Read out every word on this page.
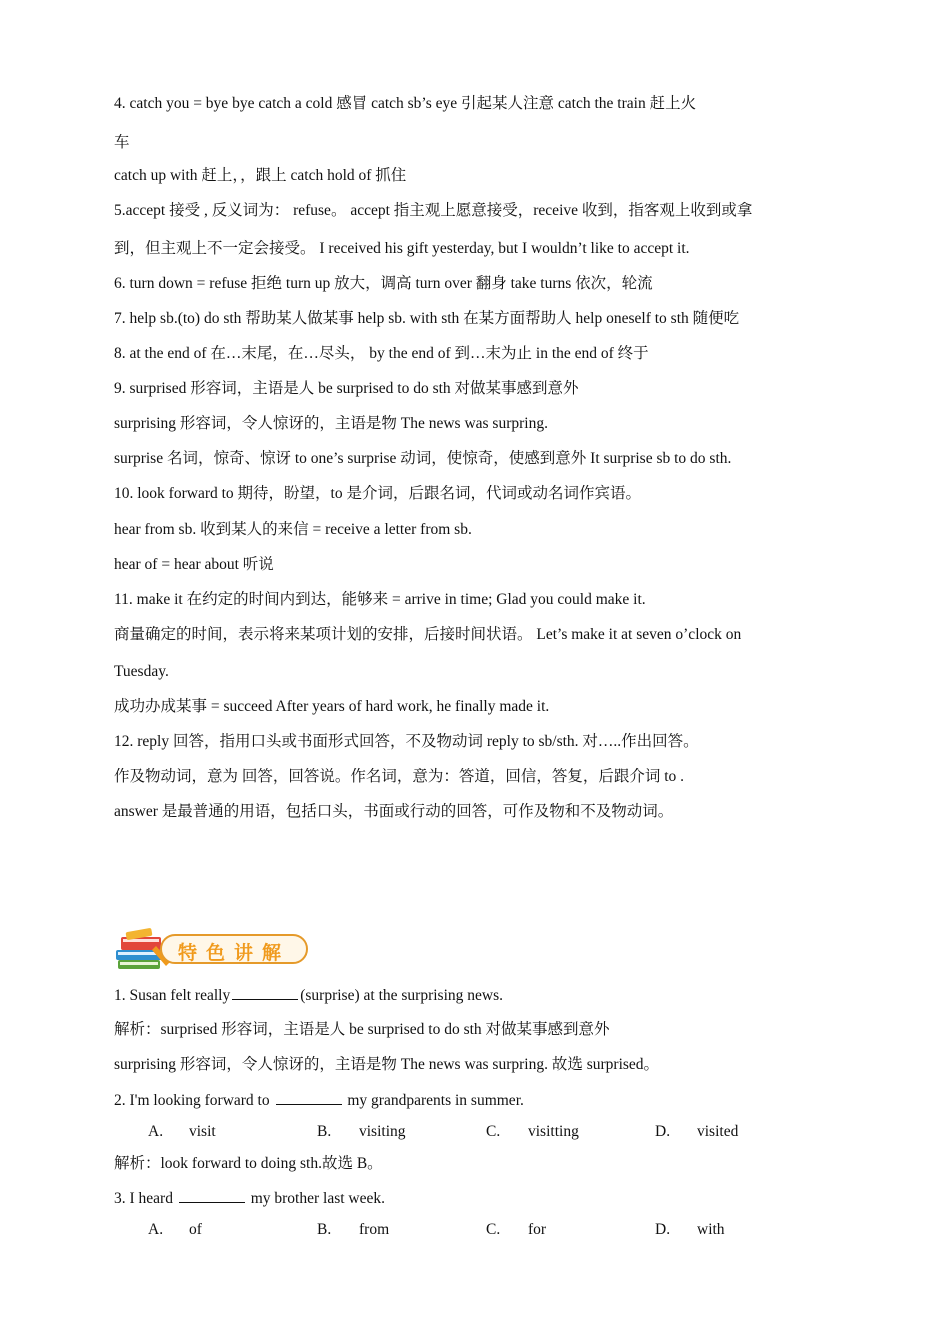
4. catch you = bye bye catch a cold 感冒 catch sb’s eye 引起某人注意 catch the train 赶上火
车
catch up with 赶上，，跟上 catch hold of 抓住
5.accept 接受 , 反义词为： refuse。 accept 指主观上愿意接受，receive 收到，指客观上收到或拿
到，但主观上不一定会接受。 I received his gift yesterday, but I wouldn’t like to accept it.
6. turn down = refuse 拒绝 turn up 放大，调高 turn over 翻身 take turns 依次，轮流
7. help sb.(to) do sth 帮助某人做某事 help sb. with sth 在某方面帮助人 help oneself to sth 随便吃
8. at the end of 在…末尾，在…尽头， by the end of 到…末为止 in the end of 终于
9. surprised 形容词，主语是人 be surprised to do sth 对做某事感到意外
surprising 形容词，令人惊讶的，主语是物 The news was surpring.
surprise 名词，惊奇、惊讶 to one’s surprise 动词，使惊奇，使感到意外 It surprise sb to do sth.
10. look forward to 期待，盼望，to 是介词，后跟名词，代词或动名词作宾语。
hear from sb. 收到某人的来信 = receive a letter from sb.
hear of = hear about 听说
11. make it 在约定的时间内到达，能够来 = arrive in time; Glad you could make it.
商量确定的时间，表示将来某项计划的安排，后接时间状语。 Let’s make it at seven o’clock on
Tuesday.
成功办成某事 = succeed After years of hard work, he finally made it.
12. reply 回答，指用口头或书面形式回答，不及物动词 reply to sb/sth. 对…..作出回答。
作及物动词，意为 回答，回答说。作名词，意为：答道，回信，答复，后跟介词 to .
answer 是最普通的用语，包括口头，书面或行动的回答，可作及物和不及物动词。
特色讲解
1. Susan felt really	(surprise) at the surprising news.
解析：surprised 形容词，主语是人 be surprised to do sth 对做某事感到意外
surprising 形容词，令人惊讶的，主语是物 The news was surpring. 故选 surprised。
2. I'm looking forward to	my grandparents in summer.
A. visit	B. visiting	C. visitting	D. visited
解析：look forward to doing sth.故选 B。
3. I heard	my brother last week.
A. of	B. from	C. for	D. with
